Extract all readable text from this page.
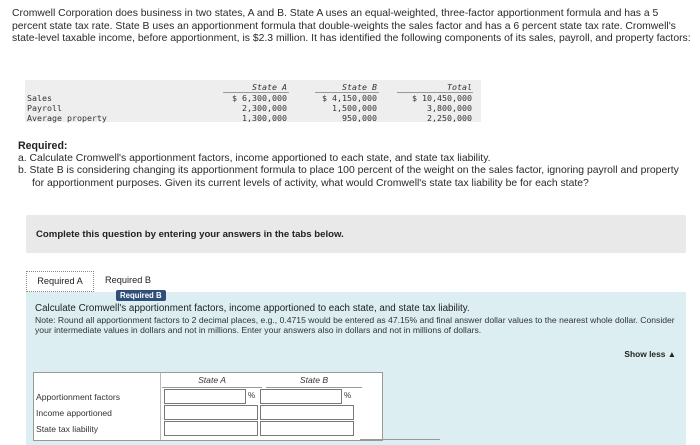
Cromwell Corporation does business in two states, A and B. State A uses an equal-weighted, three-factor apportionment formula and has a 5 percent state tax rate. State B uses an apportionment formula that double-weights the sales factor and has a 6 percent state tax rate. Cromwell's state-level taxable income, before apportionment, is $2.3 million. It has identified the following components of its sales, payroll, and property factors:
State A	State B	Total
Sales	$ 6,300,000	$ 4,150,000	$ 10,450,000
Payroll	2,300,000	1,500,000	3,800,000
Average property	1,300,000	950,000	2,250,000
Required:
a. Calculate Cromwell's apportionment factors, income apportioned to each state, and state tax liability.
b. State B is considering changing its apportionment formula to place 100 percent of the weight on the sales factor, ignoring payroll and property for apportionment purposes. Given its current levels of activity, what would Cromwell's state tax liability be for each state?
Complete this question by entering your answers in the tabs below.
Required A	Required B
Calculate Cromwell's apportionment factors, income apportioned to each state, and state tax liability.
Note: Round all apportionment factors to 2 decimal places, e.g., 0.4715 would be entered as 47.15% and final answer dollar values to the nearest whole dollar. Consider your intermediate values in dollars and not in millions. Enter your answers also in dollars and not in millions of dollars.
Show less ▲
State A	State B
Apportionment factors	%	%
Income apportioned
State tax liability
Required B
